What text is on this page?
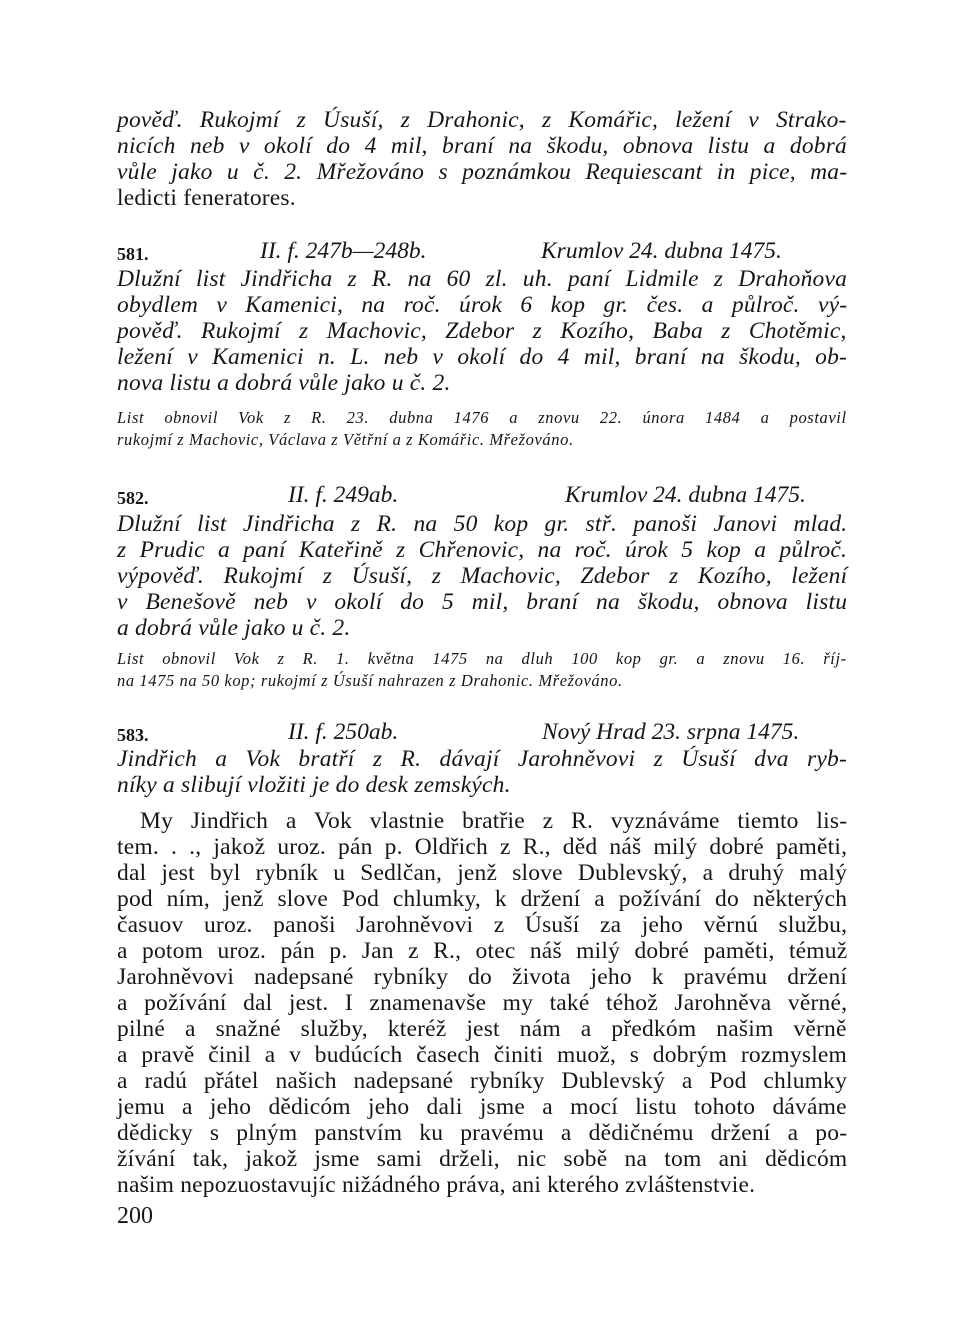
pověď. Rukojmí z Úsuší, z Drahonic, z Komářic, ležení v Strako-
nicích neb v okolí do 4 mil, braní na škodu, obnova listu a dobrá
vůle jako u č. 2. Mřežováno s poznámkou Requiescant in pice, ma-
ledicti feneratores.
581.	II. f. 247b—248b.	Krumlov 24. dubna 1475.
Dlužní list Jindřicha z R. na 60 zl. uh. paní Lidmile z Drahoňova
obydlem v Kamenici, na roč. úrok 6 kop gr. čes. a půlroč. vý-
pověď. Rukojmí z Machovic, Zdebor z Kozího, Baba z Chotěmic,
ležení v Kamenici n. L. neb v okolí do 4 mil, braní na škodu, ob-
nova listu a dobrá vůle jako u č. 2.
List obnovil Vok z R. 23. dubna 1476 a znovu 22. února 1484 a postavil
rukojmí z Machovic, Václava z Větřní a z Komářic. Mřežováno.
582.	II. f. 249ab.	Krumlov 24. dubna 1475.
Dlužní list Jindřicha z R. na 50 kop gr. stř. panoši Janovi mlad.
z Prudic a paní Kateřině z Chřenovic, na roč. úrok 5 kop a půlroč.
výpověď. Rukojmí z Úsuší, z Machovic, Zdebor z Kozího, ležení
v Benešově neb v okolí do 5 mil, braní na škodu, obnova listu
a dobrá vůle jako u č. 2.
List obnovil Vok z R. 1. května 1475 na dluh 100 kop gr. a znovu 16. říj-
na 1475 na 50 kop; rukojmí z Úsuší nahrazen z Drahonic. Mřežováno.
583.	II. f. 250ab.	Nový Hrad 23. srpna 1475.
Jindřich a Vok bratří z R. dávají Jarohněvovi z Úsuší dva ryb-
níky a slibují vložiti je do desk zemských.
My Jindřich a Vok vlastnie bratřie z R. vyznáváme tiemto lis-
tem. . ., jakož uroz. pán p. Oldřich z R., děd náš milý dobré paměti,
dal jest byl rybník u Sedlčan, jenž slove Dublevský, a druhý malý
pod ním, jenž slove Pod chlumky, k držení a požívání do některých
časuov uroz. panoši Jarohněvovi z Úsuší za jeho věrnú službu,
a potom uroz. pán p. Jan z R., otec náš milý dobré paměti, témuž
Jarohněvovi nadepsané rybníky do života jeho k pravému držení
a požívání dal jest. I znamenavše my také téhož Jarohněva věrné,
pilné a snažné služby, kteréž jest nám a předkóm našim věrně
a pravě činil a v budúcích časech činiti muož, s dobrým rozmyslem
a radú přátel našich nadepsané rybníky Dublevský a Pod chlumky
jemu a jeho dědicóm jeho dali jsme a mocí listu tohoto dáváme
dědicky s plným panstvím ku pravému a dědičnému držení a po-
žívání tak, jakož jsme sami drželi, nic sobě na tom ani dědicóm
našim nepozuostavujíc nižádného práva, ani kterého zvláštenstvie.
200
